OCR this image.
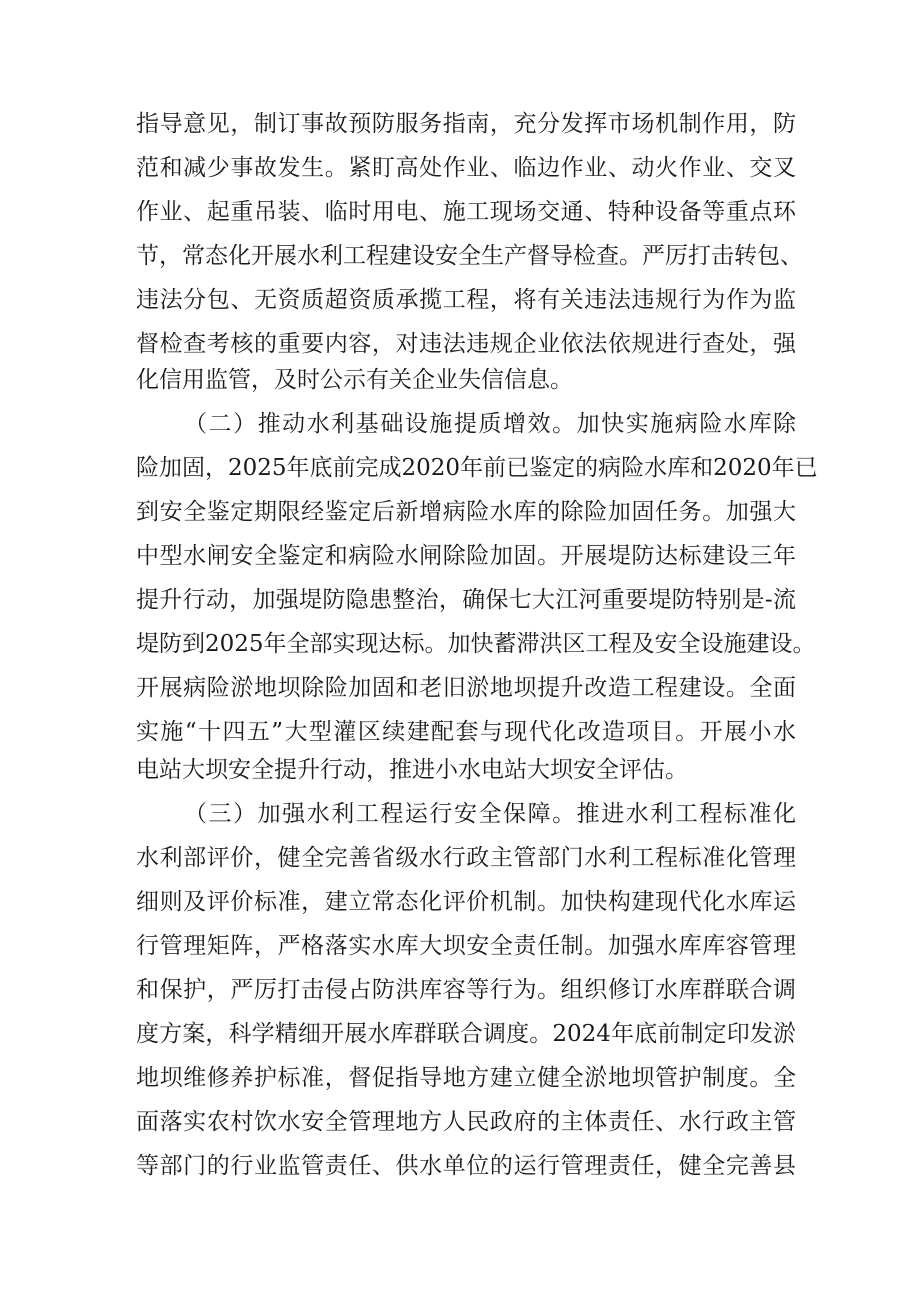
指导意见，制订事故预防服务指南，充分发挥市场机制作用，防
范和减少事故发生。紧盯高处作业、临边作业、动火作业、交叉
作业、起重吊装、临时用电、施工现场交通、特种设备等重点环
节，常态化开展水利工程建设安全生产督导检查。严厉打击转包、
违法分包、无资质超资质承揽工程，将有关违法违规行为作为监
督检查考核的重要内容，对违法违规企业依法依规进行查处，强
化信用监管，及时公示有关企业失信信息。
（二）推动水利基础设施提质增效。加快实施病险水库除
险加固，2025年底前完成2020年前已鉴定的病险水库和2020年已
到安全鉴定期限经鉴定后新增病险水库的除险加固任务。加强大
中型水闸安全鉴定和病险水闸除险加固。开展堤防达标建设三年
提升行动，加强堤防隐患整治，确保七大江河重要堤防特别是-流
堤防到2025年全部实现达标。加快蓄滞洪区工程及安全设施建设。
开展病险淤地坝除险加固和老旧淤地坝提升改造工程建设。全面
实施“十四五”大型灌区续建配套与现代化改造项目。开展小水
电站大坝安全提升行动，推进小水电站大坝安全评估。
（三）加强水利工程运行安全保障。推进水利工程标准化
水利部评价，健全完善省级水行政主管部门水利工程标准化管理
细则及评价标准，建立常态化评价机制。加快构建现代化水库运
行管理矩阵，严格落实水库大坝安全责任制。加强水库库容管理
和保护，严厉打击侵占防洪库容等行为。组织修订水库群联合调
度方案，科学精细开展水库群联合调度。2024年底前制定印发淤
地坝维修养护标准，督促指导地方建立健全淤地坝管护制度。全
面落实农村饮水安全管理地方人民政府的主体责任、水行政主管
等部门的行业监管责任、供水单位的运行管理责任，健全完善县
